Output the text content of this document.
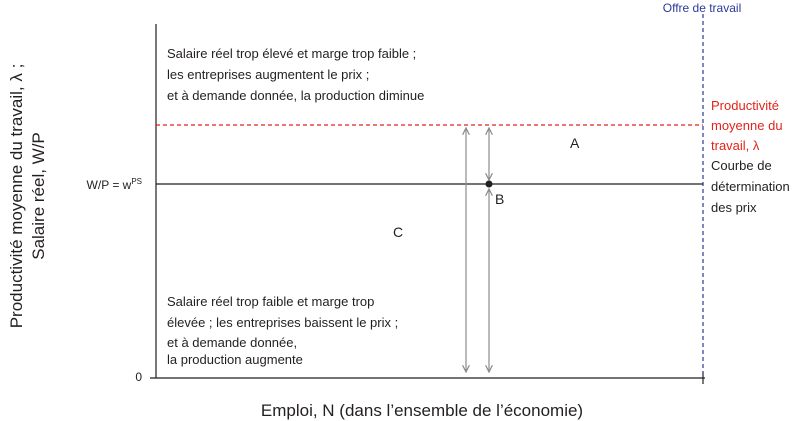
Productivité moyenne du travail, λ ; Salaire réel, W/P
Emploi, N (dans l’ensemble de l’économie)
0
$W/P = w^{PS}$
Offre de travail
Productivité
moyenne du
travail, λ
Courbe de
détermination
des prix
Salaire réel trop élevé et marge trop faible ;
les entreprises augmentent le prix ;
et à demande donnée, la production diminue
Salaire réel trop faible et marge trop
élevée ; les entreprises baissent le prix ;
et à demande donnée,
la production augmente
A
B
C
